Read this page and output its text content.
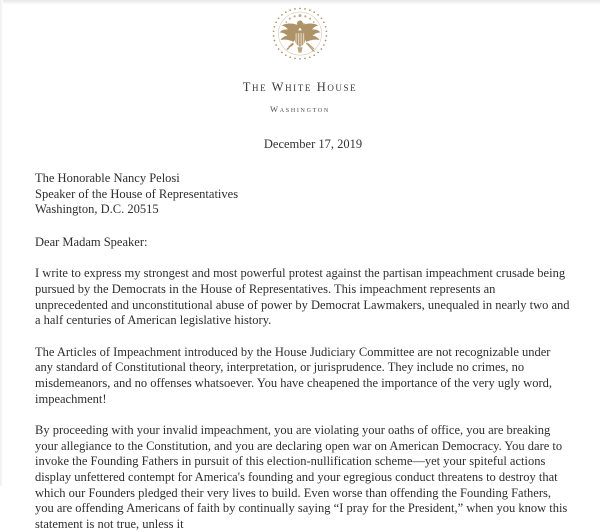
The White House
Washington
December 17, 2019
The Honorable Nancy Pelosi
Speaker of the House of Representatives
Washington, D.C. 20515
Dear Madam Speaker:
I write to express my strongest and most powerful protest against the partisan impeachment crusade being pursued by the Democrats in the House of Representatives. This impeachment represents an unprecedented and unconstitutional abuse of power by Democrat Lawmakers, unequaled in nearly two and a half centuries of American legislative history.
The Articles of Impeachment introduced by the House Judiciary Committee are not recognizable under any standard of Constitutional theory, interpretation, or jurisprudence. They include no crimes, no misdemeanors, and no offenses whatsoever. You have cheapened the importance of the very ugly word, impeachment!
By proceeding with your invalid impeachment, you are violating your oaths of office, you are breaking your allegiance to the Constitution, and you are declaring open war on American Democracy. You dare to invoke the Founding Fathers in pursuit of this election-nullification scheme—yet your spiteful actions display unfettered contempt for America's founding and your egregious conduct threatens to destroy that which our Founders pledged their very lives to build. Even worse than offending the Founding Fathers, you are offending Americans of faith by continually saying “I pray for the President,” when you know this statement is not true, unless it
